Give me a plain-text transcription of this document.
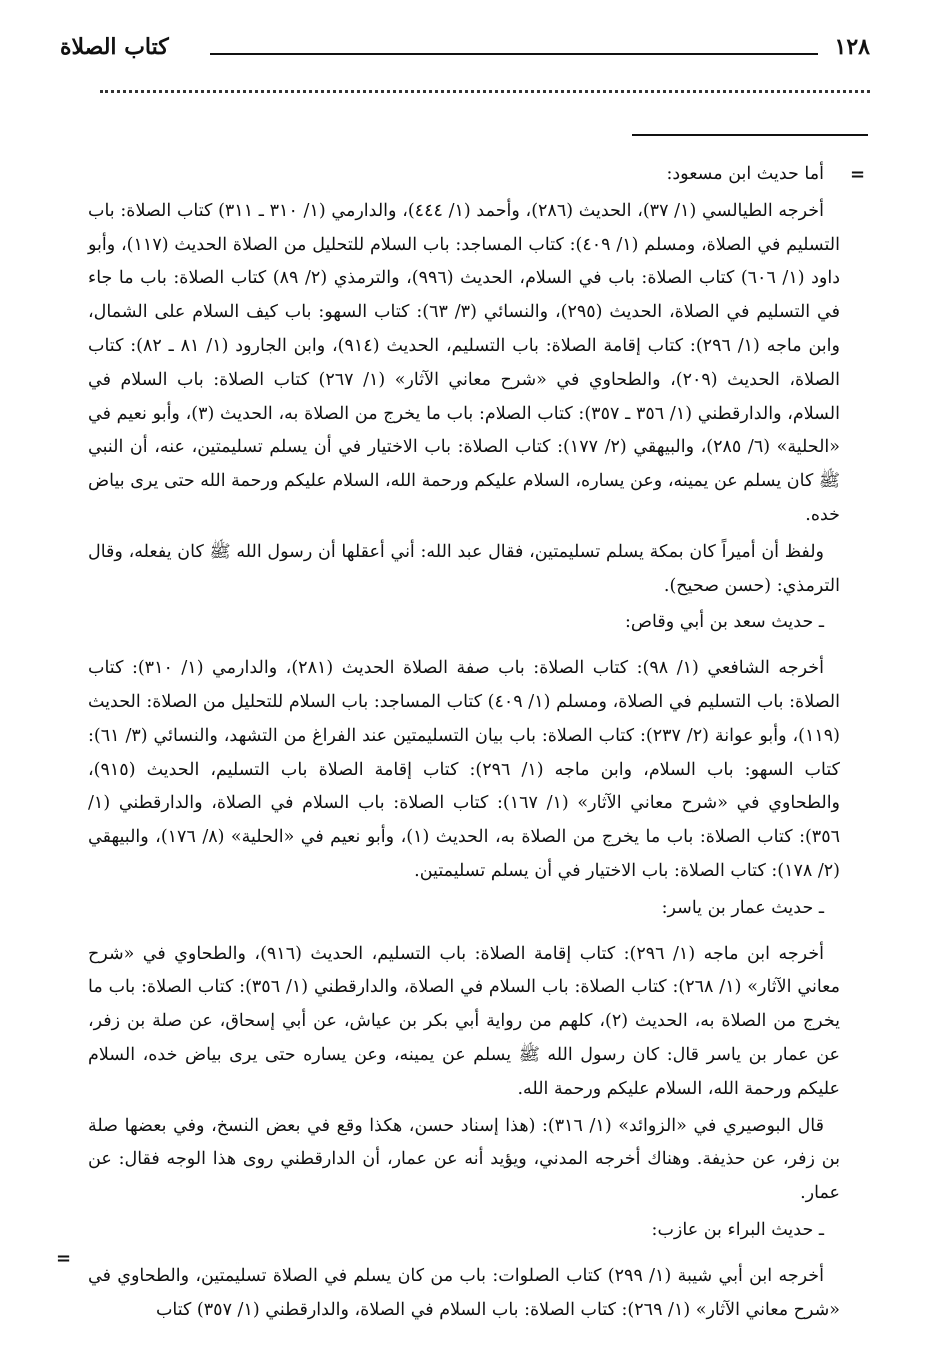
١٢٨
كتاب الصلاة
=

أما حديث ابن مسعود:

أخرجه الطيالسي (١/ ٣٧)، الحديث (٢٨٦)، وأحمد (١/ ٤٤٤)، والدارمي (١/ ٣١٠ ـ ٣١١) كتاب الصلاة: باب التسليم في الصلاة، ومسلم (١/ ٤٠٩): كتاب المساجد: باب السلام للتحليل من الصلاة الحديث (١١٧)، وأبو داود (١/ ٦٠٦) كتاب الصلاة: باب في السلام، الحديث (٩٩٦)، والترمذي (٢/ ٨٩) كتاب الصلاة: باب ما جاء في التسليم في الصلاة، الحديث (٢٩٥)، والنسائي (٣/ ٦٣): كتاب السهو: باب كيف السلام على الشمال، وابن ماجه (١/ ٢٩٦): كتاب إقامة الصلاة: باب التسليم، الحديث (٩١٤)، وابن الجارود (١/ ٨١ ـ ٨٢): كتاب الصلاة، الحديث (٢٠٩)، والطحاوي في «شرح معاني الآثار» (١/ ٢٦٧) كتاب الصلاة: باب السلام في السلام، والدارقطني (١/ ٣٥٦ ـ ٣٥٧): كتاب الصلام: باب ما يخرج من الصلاة به، الحديث (٣)، وأبو نعيم في «الحلية» (٦/ ٢٨٥)، والبيهقي (٢/ ١٧٧): كتاب الصلاة: باب الاختيار في أن يسلم تسليمتين، عنه، أن النبي ﷺ كان يسلم عن يمينه، وعن يساره، السلام عليكم ورحمة الله، السلام عليكم ورحمة الله حتى يرى بياض خده.

ولفظ أن أميراً كان بمكة يسلم تسليمتين، فقال عبد الله: أني أعقلها أن رسول الله ﷺ كان يفعله، وقال الترمذي: (حسن صحيح).

ـ حديث سعد بن أبي وقاص:

أخرجه الشافعي (١/ ٩٨): كتاب الصلاة: باب صفة الصلاة الحديث (٢٨١)، والدارمي (١/ ٣١٠): كتاب الصلاة: باب التسليم في الصلاة، ومسلم (١/ ٤٠٩) كتاب المساجد: باب السلام للتحليل من الصلاة: الحديث (١١٩)، وأبو عوانة (٢/ ٢٣٧): كتاب الصلاة: باب بيان التسليمتين عند الفراغ من التشهد، والنسائي (٣/ ٦١): كتاب السهو: باب السلام، وابن ماجه (١/ ٢٩٦): كتاب إقامة الصلاة باب التسليم، الحديث (٩١٥)، والطحاوي في «شرح معاني الآثار» (١/ ١٦٧): كتاب الصلاة: باب السلام في الصلاة، والدارقطني (١/ ٣٥٦): كتاب الصلاة: باب ما يخرج من الصلاة به، الحديث (١)، وأبو نعيم في «الحلية» (٨/ ١٧٦)، والبيهقي (٢/ ١٧٨): كتاب الصلاة: باب الاختيار في أن يسلم تسليمتين.

ـ حديث عمار بن ياسر:

أخرجه ابن ماجه (١/ ٢٩٦): كتاب إقامة الصلاة: باب التسليم، الحديث (٩١٦)، والطحاوي في «شرح معاني الآثار» (١/ ٢٦٨): كتاب الصلاة: باب السلام في الصلاة، والدارقطني (١/ ٣٥٦): كتاب الصلاة: باب ما يخرج من الصلاة به، الحديث (٢)، كلهم من رواية أبي بكر بن عياش، عن أبي إسحاق، عن صلة بن زفر، عن عمار بن ياسر قال: كان رسول الله ﷺ يسلم عن يمينه، وعن يساره حتى يرى بياض خده، السلام عليكم ورحمة الله، السلام عليكم ورحمة الله.

قال البوصيري في «الزوائد» (١/ ٣١٦): (هذا إسناد حسن، هكذا وقع في بعض النسخ، وفي بعضها صلة بن زفر، عن حذيفة. وهناك أخرجه المدني، ويؤيد أنه عن عمار، أن الدارقطني روى هذا الوجه فقال: عن عمار.

ـ حديث البراء بن عازب:

أخرجه ابن أبي شيبة (١/ ٢٩٩) كتاب الصلوات: باب من كان يسلم في الصلاة تسليمتين، والطحاوي في «شرح معاني الآثار» (١/ ٢٦٩): كتاب الصلاة: باب السلام في الصلاة، والدارقطني (١/ ٣٥٧) كتاب

=
